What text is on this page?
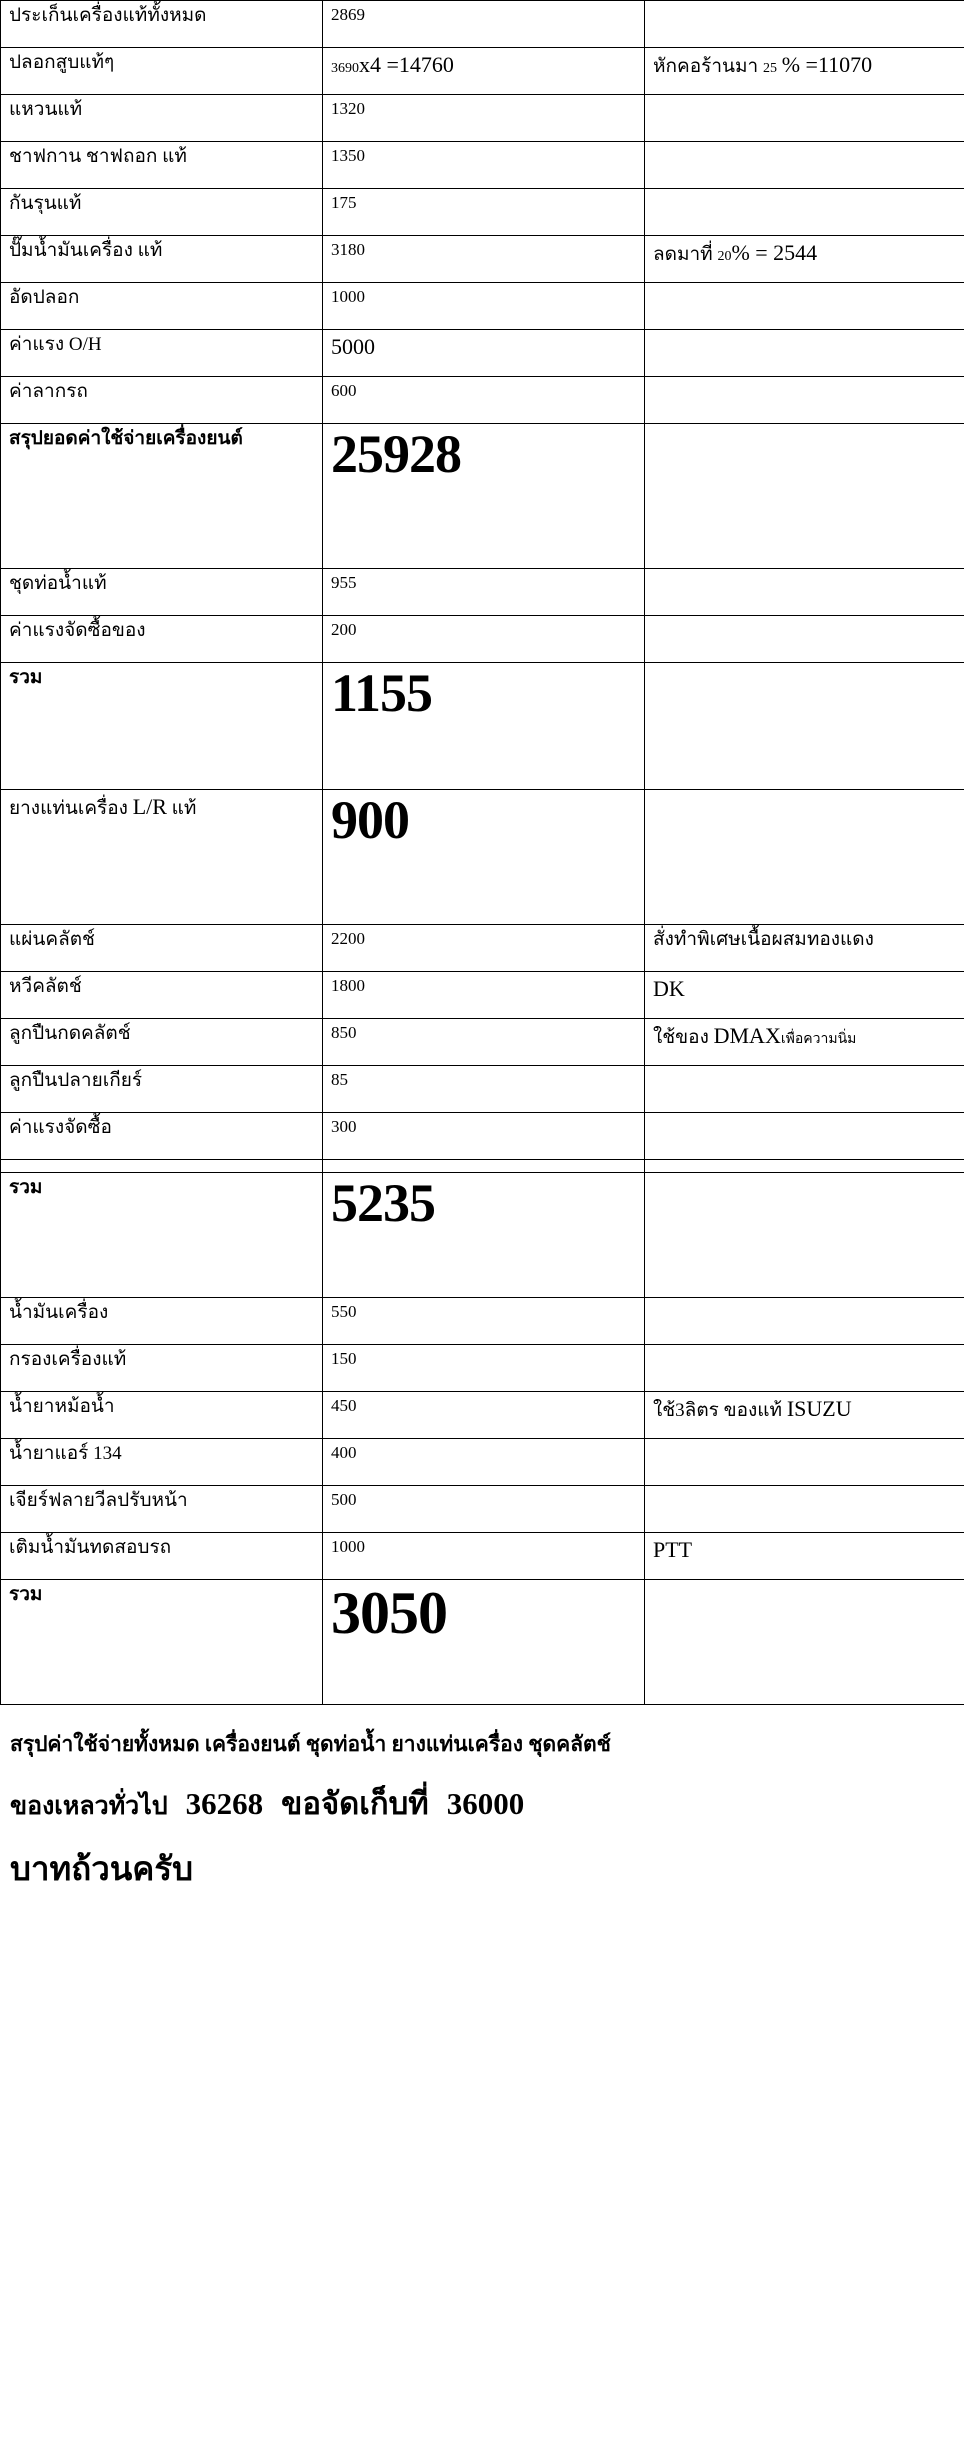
ประเก็นเครื่องแท้ทั้งหมด	2869	
ปลอกสูบแท้ๆ	3690x4 =14760	หักคอร้านมา 25 % =11070
แหวนแท้	1320	
ชาฟกาน ชาฟถอก แท้	1350	
กันรุนแท้	175	
ปั๊มน้ำมันเครื่อง แท้	3180	ลดมาที่ 20% = 2544
อัดปลอก	1000	
ค่าแรง O/H	5000	
ค่าลากรถ	600	
สรุปยอดค่าใช้จ่ายเครื่องยนต์	25928	
ชุดท่อน้ำแท้	955	
ค่าแรงจัดซื้อของ	200	
รวม	1155	
ยางแท่นเครื่อง L/R แท้	900	
แผ่นคลัตช์	2200	สั่งทำพิเศษเนื้อผสมทองแดง
หวีคลัตช์	1800	DK
ลูกปืนกดคลัตช์	850	ใช้ของ DMAXเพื่อความนิ่ม
ลูกปืนปลายเกียร์	85	
ค่าแรงจัดซื้อ	300	

รวม	5235	
น้ำมันเครื่อง	550	
กรองเครื่องแท้	150	
น้ำยาหม้อน้ำ	450	ใช้3ลิตร ของแท้ ISUZU
น้ำยาแอร์ 134	400	
เจียร์ฟลายวีลปรับหน้า	500	
เติมน้ำมันทดสอบรถ	1000	PTT
รวม	3050	
สรุปค่าใช้จ่ายทั้งหมด เครื่องยนต์ ชุดท่อน้ำ ยางแท่นเครื่อง ชุดคลัตช์
ของเหลวทั่วไป 36268 ขอจัดเก็บที่ 36000
บาทถ้วนครับ
